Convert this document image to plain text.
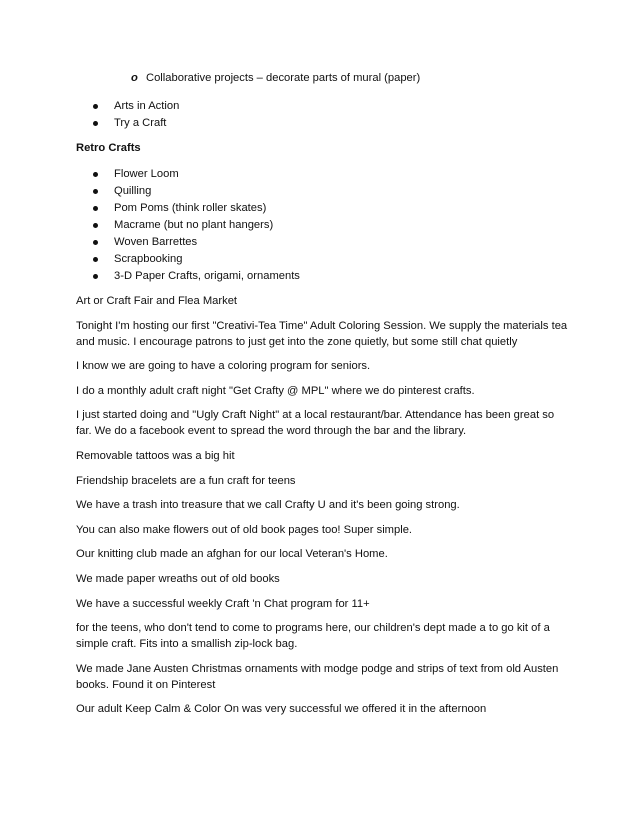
o Collaborative projects – decorate parts of mural (paper)
Arts in Action
Try a Craft
Retro Crafts
Flower Loom
Quilling
Pom Poms (think roller skates)
Macrame (but no plant hangers)
Woven Barrettes
Scrapbooking
3-D Paper Crafts, origami, ornaments

Art or Craft Fair and Flea Market

Tonight I'm hosting our first "Creativi-Tea Time" Adult Coloring Session. We supply the materials tea and music. I encourage patrons to just get into the zone quietly, but some still chat quietly

I know we are going to have a coloring program for seniors.

I do a monthly adult craft night "Get Crafty @ MPL" where we do pinterest crafts.

I just started doing and "Ugly Craft Night" at a local restaurant/bar. Attendance has been great so far. We do a facebook event to spread the word through the bar and the library.

Removable tattoos was a big hit

Friendship bracelets are a fun craft for teens

We have a trash into treasure that we call Crafty U and it's been going strong.

You can also make flowers out of old book pages too! Super simple.

Our knitting club made an afghan for our local Veteran's Home.

We made paper wreaths out of old books

We have a successful weekly Craft 'n Chat program for 11+

for the teens, who don't tend to come to programs here, our children's dept made a to go kit of a simple craft. Fits into a smallish zip-lock bag.

We made Jane Austen Christmas ornaments with modge podge and strips of text from old Austen books. Found it on Pinterest

Our adult Keep Calm & Color On was very successful we offered it in the afternoon
